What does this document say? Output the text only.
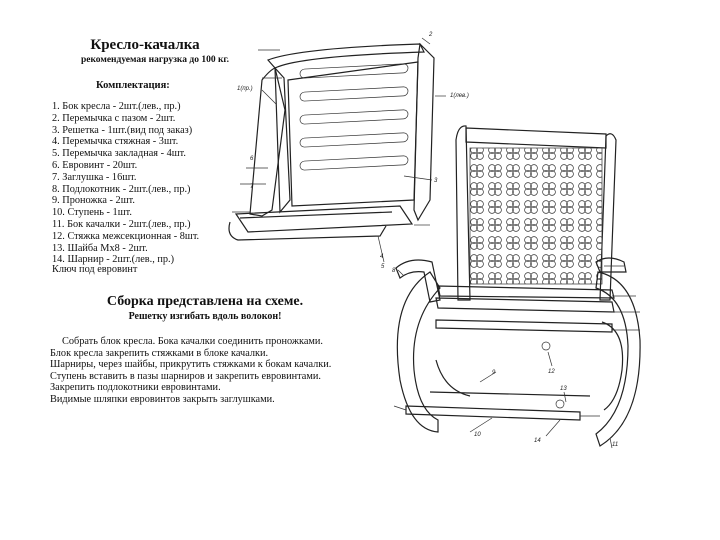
Кресло-качалка
рекомендуемая нагрузка до 100 кг.
Комплектация:
1. Бок кресла - 2шт.(лев., пр.)
2. Перемычка с пазом - 2шт.
3. Решетка - 1шт.(вид под заказ)
4. Перемычка стяжная - 3шт.
5. Перемычка закладная - 4шт.
6. Евровинт - 20шт.
7. Заглушка - 16шт.
8. Подлокотник - 2шт.(лев., пр.)
9. Проножка - 2шт.
10. Ступень - 1шт.
11. Бок качалки - 2шт.(лев., пр.)
12. Стяжка межсекционная - 8шт.
13. Шайба Мх8 - 2шт.
14. Шарнир - 2шт.(лев., пр.)
Ключ под евровинт
Сборка представлена на схеме.
Решетку изгибать вдоль волокон!
Собрать блок кресла. Бока качалки соединить проножками.
Блок кресла закрепить стяжками в блоке качалки.
Шарниры, через шайбы, прикрутить стяжками к бокам качалки.
Ступень вставить в пазы шарниров и закрепить евровинтами.
Закрепить подлокотники евровинтами.
Видимые шляпки евровинтов закрыть заглушками.
2
1(пр.)
1(лев.)
3
6
7
4
5
12
9
10
14
13
11
8
